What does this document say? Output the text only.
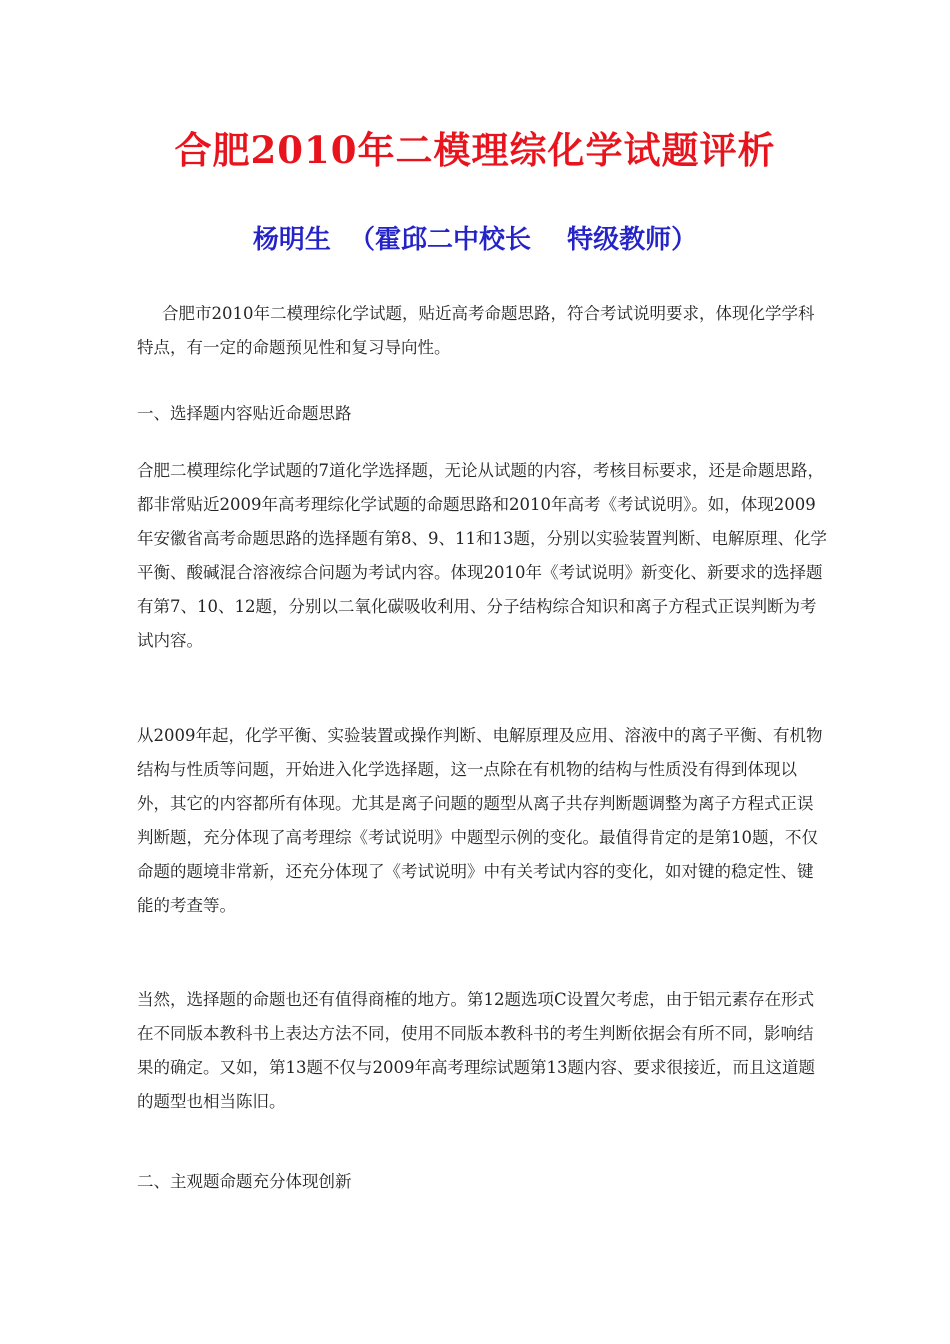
合肥2010年二模理综化学试题评析
杨明生  （霍邱二中校长    特级教师）
合肥市2010年二模理综化学试题，贴近高考命题思路，符合考试说明要求，体现化学学科特点，有一定的命题预见性和复习导向性。
一、选择题内容贴近命题思路
合肥二模理综化学试题的7道化学选择题，无论从试题的内容，考核目标要求，还是命题思路，都非常贴近2009年高考理综化学试题的命题思路和2010年高考《考试说明》。如，体现2009年安徽省高考命题思路的选择题有第8、9、11和13题，分别以实验装置判断、电解原理、化学平衡、酸碱混合溶液综合问题为考试内容。体现2010年《考试说明》新变化、新要求的选择题有第7、10、12题，分别以二氧化碳吸收利用、分子结构综合知识和离子方程式正误判断为考试内容。
从2009年起，化学平衡、实验装置或操作判断、电解原理及应用、溶液中的离子平衡、有机物结构与性质等问题，开始进入化学选择题，这一点除在有机物的结构与性质没有得到体现以外，其它的内容都所有体现。尤其是离子问题的题型从离子共存判断题调整为离子方程式正误判断题，充分体现了高考理综《考试说明》中题型示例的变化。最值得肯定的是第10题，不仅命题的题境非常新，还充分体现了《考试说明》中有关考试内容的变化，如对键的稳定性、键能的考查等。
当然，选择题的命题也还有值得商榷的地方。第12题选项C设置欠考虑，由于铝元素存在形式在不同版本教科书上表达方法不同，使用不同版本教科书的考生判断依据会有所不同，影响结果的确定。又如，第13题不仅与2009年高考理综试题第13题内容、要求很接近，而且这道题的题型也相当陈旧。
二、主观题命题充分体现创新
